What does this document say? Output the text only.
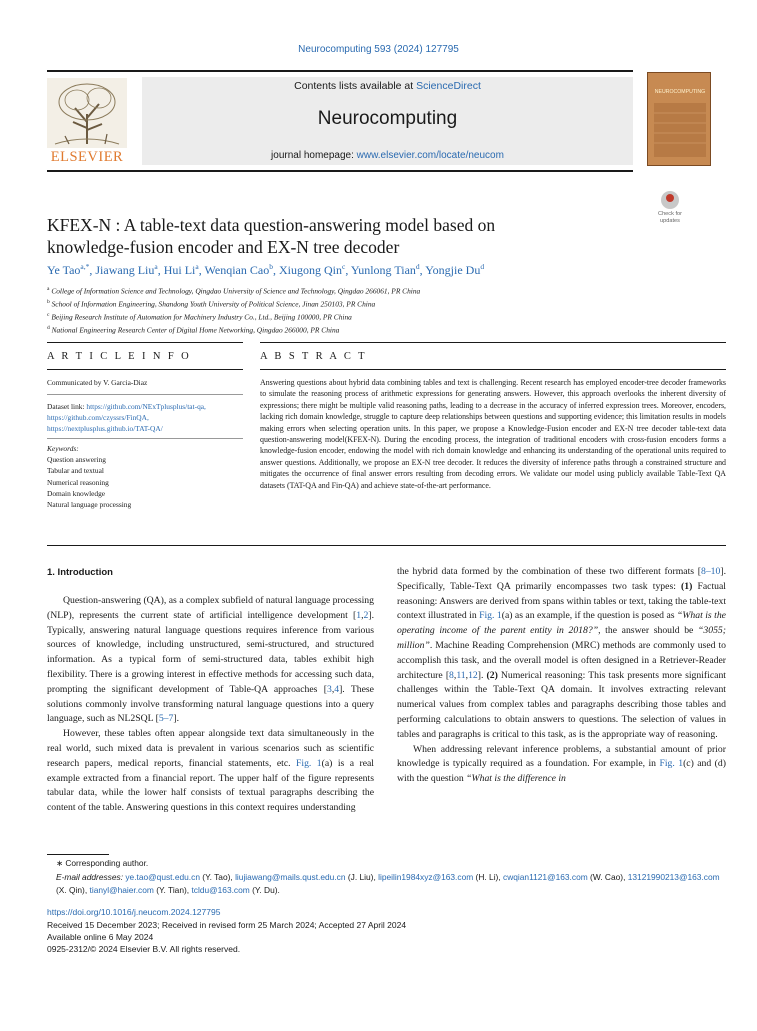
Neurocomputing 593 (2024) 127795
ELSEVIER
Contents lists available at ScienceDirect
Neurocomputing
journal homepage: www.elsevier.com/locate/neucom
NEUROCOMPUTING
Check for
updates
KFEX-N : A table-text data question-answering model based on
knowledge-fusion encoder and EX-N tree decoder
Ye Tao$^{a,*}$, Jiawang Liu$^a$, Hui Li$^a$, Wenqian Cao$^b$, Xiugong Qin$^c$, Yunlong Tian$^d$, Yongjie Du$^d$
$^a$ College of Information Science and Technology, Qingdao University of Science and Technology, Qingdao 266061, PR China
$^b$ School of Information Engineering, Shandong Youth University of Political Science, Jinan 250103, PR China
$^c$ Beijing Research Institute of Automation for Machinery Industry Co., Ltd., Beijing 100000, PR China
$^d$ National Engineering Research Center of Digital Home Networking, Qingdao 266000, PR China
A R T I C L E I N F O	A B S T R A C T
Communicated by V. Garcia-Diaz
Dataset link: https://github.com/NExTplusplus/tat-qa, https://github.com/czyssrs/FinQA, https://nextplusplus.github.io/TAT-QA/
Keywords:
Question answering
Tabular and textual
Numerical reasoning
Domain knowledge
Natural language processing
Answering questions about hybrid data combining tables and text is challenging. Recent research has employed encoder-tree decoder frameworks to simulate the reasoning process of arithmetic expressions for generating answers. However, this approach overlooks the inherent diversity of expressions; there might be multiple valid reasoning paths, leading to a decrease in the accuracy of inferred expression trees. Moreover, encoders, lacking rich domain knowledge, struggle to capture deep relationships between questions and supporting evidence; this limitation results in models making errors when selecting operation units. In this paper, we propose a Knowledge-Fusion encoder and EX-N tree decoder table-text data question-answering model(KFEX-N). During the encoding process, the integration of traditional encoders with cross-fusion encoders forms a knowledge-fusion encoder, endowing the model with rich domain knowledge and enhancing its understanding of the operational units required to answer questions. Additionally, we propose an EX-N tree decoder. It reduces the diversity of inference paths through a constrained structure and mitigates the occurrence of final answer errors resulting from decoding errors. We validate our model using publicly available Table-Text QA datasets (TAT-QA and Fin-QA) and achieve state-of-the-art performance.
1. Introduction

Question-answering (QA), as a complex subfield of natural language processing (NLP), represents the current state of artificial intelligence development [1,2]. Typically, answering natural language questions requires inference from various sources of knowledge, including unstructured, semi-structured, and structured information. As a typical form of semi-structured data, tables exhibit high flexibility. There is a growing interest in effective methods for accessing such data, prompting the significant development of Table-QA approaches [3,4]. These solutions commonly involve transforming natural language questions into a query language, such as NL2SQL [5–7].

However, these tables often appear alongside text data simultaneously in the real world, such mixed data is prevalent in various scenarios such as scientific research papers, medical reports, financial statements, etc. Fig. 1(a) is a real example extracted from a financial report. The upper half of the figure represents tabular data, while the lower half consists of textual paragraphs describing the content of the table. Answering questions in this context requires understanding

the hybrid data formed by the combination of these two different formats [8–10]. Specifically, Table-Text QA primarily encompasses two task types: (1) Factual reasoning: Answers are derived from spans within tables or text, taking the table-text context illustrated in Fig. 1(a) as an example, if the question is posed as “What is the operating income of the parent entity in 2018?”, the answer should be “3055; million”. Machine Reading Comprehension (MRC) methods are commonly used to accomplish this task, and the overall model is often designed in a Retriever-Reader architecture [8,11,12]. (2) Numerical reasoning: This task presents more significant challenges within the Table-Text QA domain. It involves extracting relevant numerical values from complex tables and paragraphs describing those tables and performing calculations to obtain answers to questions. The selection of values in tables and paragraphs is critical to this task, as is the appropriate way of reasoning.

When addressing relevant inference problems, a substantial amount of prior knowledge is typically required as a foundation. For example, in Fig. 1(c) and (d) with the question “What is the difference in

∗ Corresponding author.
E-mail addresses: ye.tao@qust.edu.cn (Y. Tao), liujiawang@mails.qust.edu.cn (J. Liu), lipeilin1984xyz@163.com (H. Li), cwqian1121@163.com (W. Cao), 13121990213@163.com (X. Qin), tianyl@haier.com (Y. Tian), tcldu@163.com (Y. Du).
https://doi.org/10.1016/j.neucom.2024.127795
Received 15 December 2023; Received in revised form 25 March 2024; Accepted 27 April 2024
Available online 6 May 2024
0925-2312/© 2024 Elsevier B.V. All rights reserved.
